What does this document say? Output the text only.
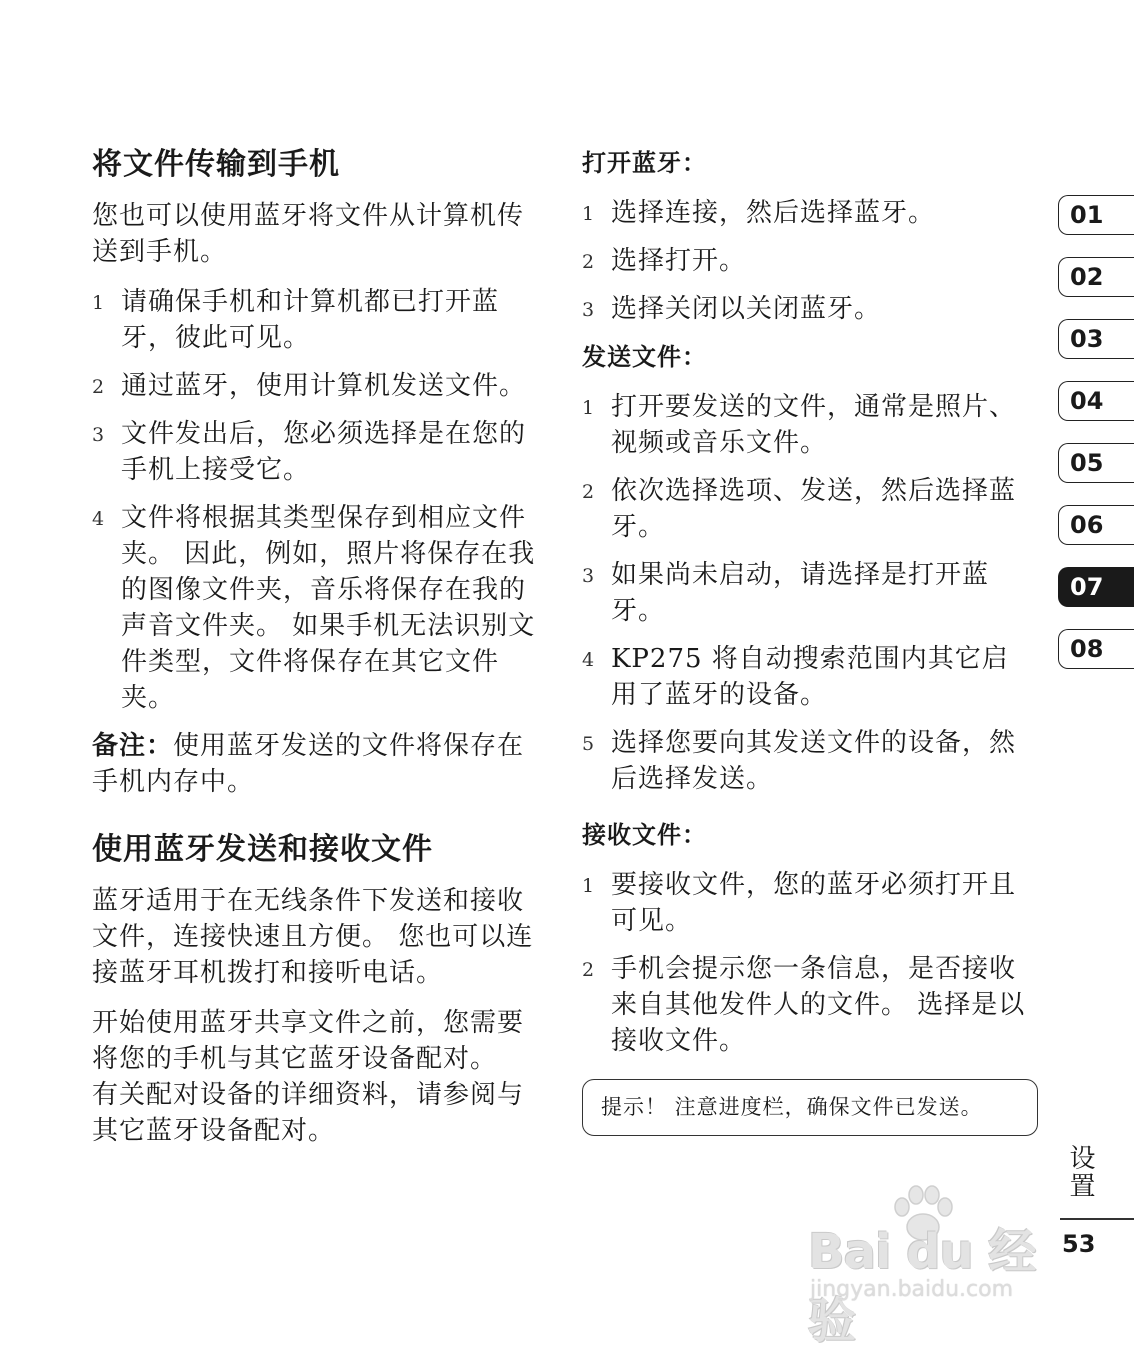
将文件传输到手机

您也可以使用蓝牙将文件从计算机传送到手机。

1 请确保手机和计算机都已打开蓝牙，彼此可见。
2 通过蓝牙，使用计算机发送文件。
3 文件发出后，您必须选择是在您的手机上接受它。
4 文件将根据其类型保存到相应文件夹。 因此，例如，照片将保存在我的图像文件夹，音乐将保存在我的声音文件夹。 如果手机无法识别文件类型，文件将保存在其它文件夹。

备注：使用蓝牙发送的文件将保存在手机内存中。

使用蓝牙发送和接收文件

蓝牙适用于在无线条件下发送和接收文件，连接快速且方便。 您也可以连接蓝牙耳机拨打和接听电话。

开始使用蓝牙共享文件之前，您需要将您的手机与其它蓝牙设备配对。
有关配对设备的详细资料，请参阅与其它蓝牙设备配对。

打开蓝牙：
1 选择连接，然后选择蓝牙。
2 选择打开。
3 选择关闭以关闭蓝牙。
发送文件：
1 打开要发送的文件，通常是照片、视频或音乐文件。
2 依次选择选项、发送，然后选择蓝牙。
3 如果尚未启动，请选择是打开蓝牙。
4 KP275 将自动搜索范围内其它启用了蓝牙的设备。
5 选择您要向其发送文件的设备，然后选择发送。
接收文件：
1 要接收文件，您的蓝牙必须打开且可见。
2 手机会提示您一条信息，是否接收来自其他发件人的文件。 选择是以接收文件。
提示！ 注意进度栏，确保文件已发送。
01
02
03
04
05
06
07
08
设置
Bai du 经验
jingyan.baidu.com
53
